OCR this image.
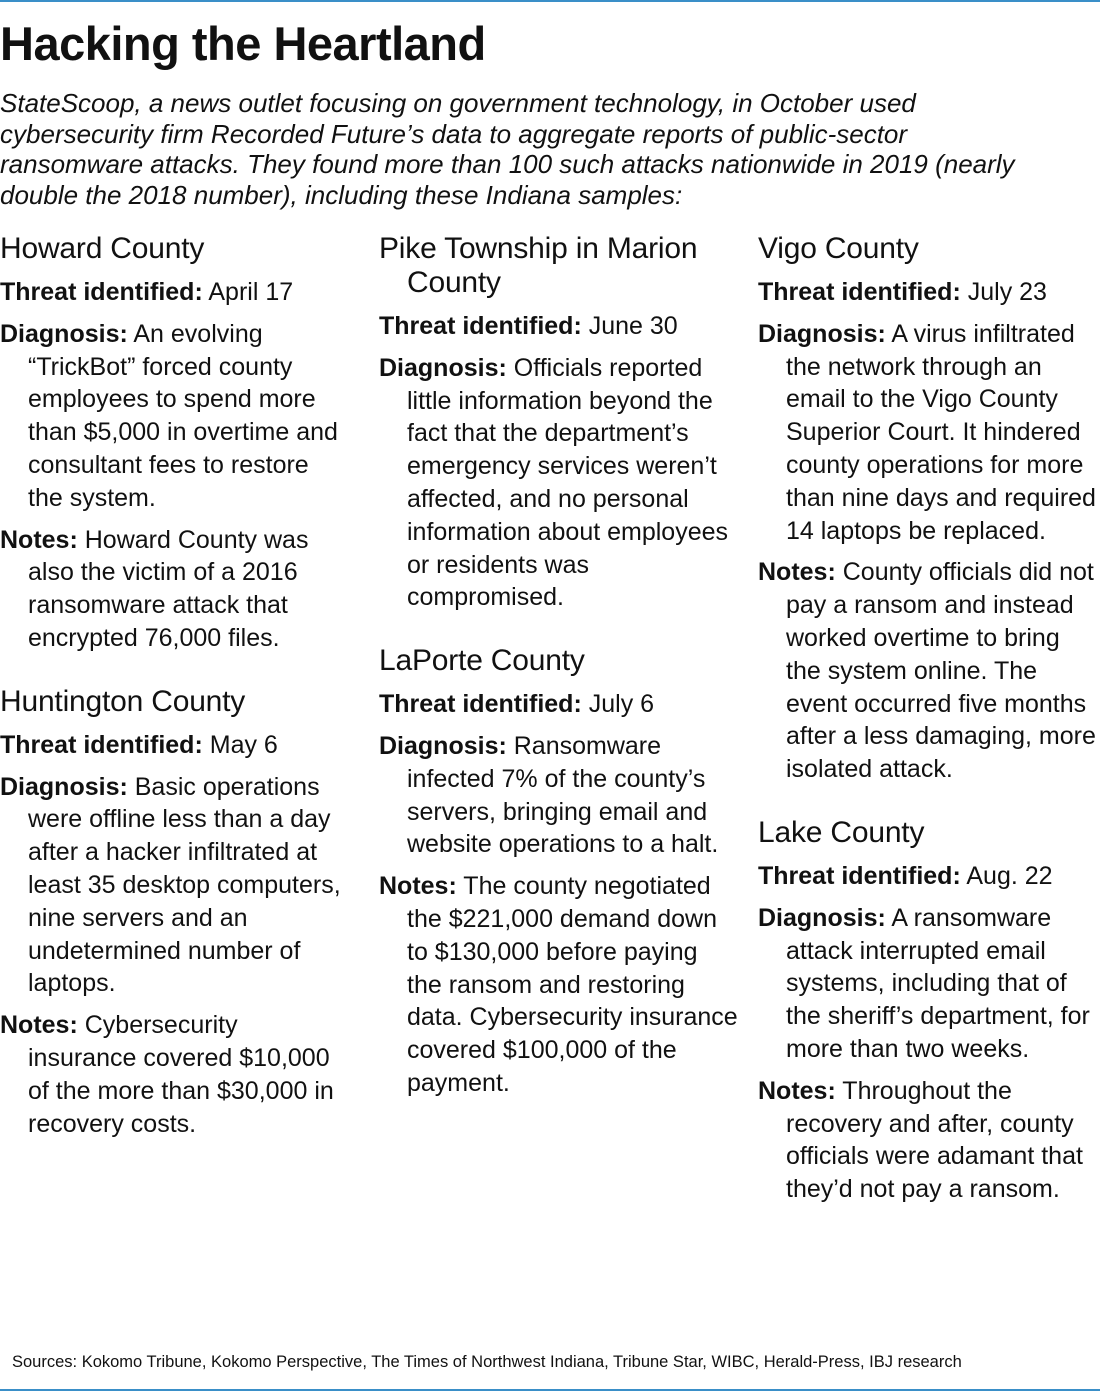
Hacking the Heartland

StateScoop, a news outlet focusing on government technology, in October used cybersecurity firm Recorded Future’s data to aggregate reports of public-sector ransomware attacks. They found more than 100 such attacks nationwide in 2019 (nearly double the 2018 number), including these Indiana samples:

Howard County

Threat identified: April 17

Diagnosis: An evolving “TrickBot” forced county employees to spend more than $5,000 in overtime and consultant fees to restore the system.

Notes: Howard County was also the victim of a 2016 ransomware attack that encrypted 76,000 files.

Huntington County

Threat identified: May 6

Diagnosis: Basic operations were offline less than a day after a hacker infiltrated at least 35 desktop computers, nine servers and an undetermined number of laptops.

Notes: Cybersecurity insurance covered $10,000 of the more than $30,000 in recovery costs.

Pike Township in Marion County

Threat identified: June 30

Diagnosis: Officials reported little information beyond the fact that the department’s emergency services weren’t affected, and no personal information about employees or residents was compromised.

LaPorte County

Threat identified: July 6

Diagnosis: Ransomware infected 7% of the county’s servers, bringing email and website operations to a halt.

Notes: The county negotiated the $221,000 demand down to $130,000 before paying the ransom and restoring data. Cybersecurity insurance covered $100,000 of the payment.

Vigo County

Threat identified: July 23

Diagnosis: A virus infiltrated the network through an email to the Vigo County Superior Court. It hindered county operations for more than nine days and required 14 laptops be replaced.

Notes: County officials did not pay a ransom and instead worked overtime to bring the system online. The event occurred five months after a less damaging, more isolated attack.

Lake County

Threat identified: Aug. 22

Diagnosis: A ransomware attack interrupted email systems, including that of the sheriff’s department, for more than two weeks.

Notes: Throughout the recovery and after, county officials were adamant that they’d not pay a ransom.

Sources: Kokomo Tribune, Kokomo Perspective, The Times of Northwest Indiana, Tribune Star, WIBC, Herald-Press, IBJ research
